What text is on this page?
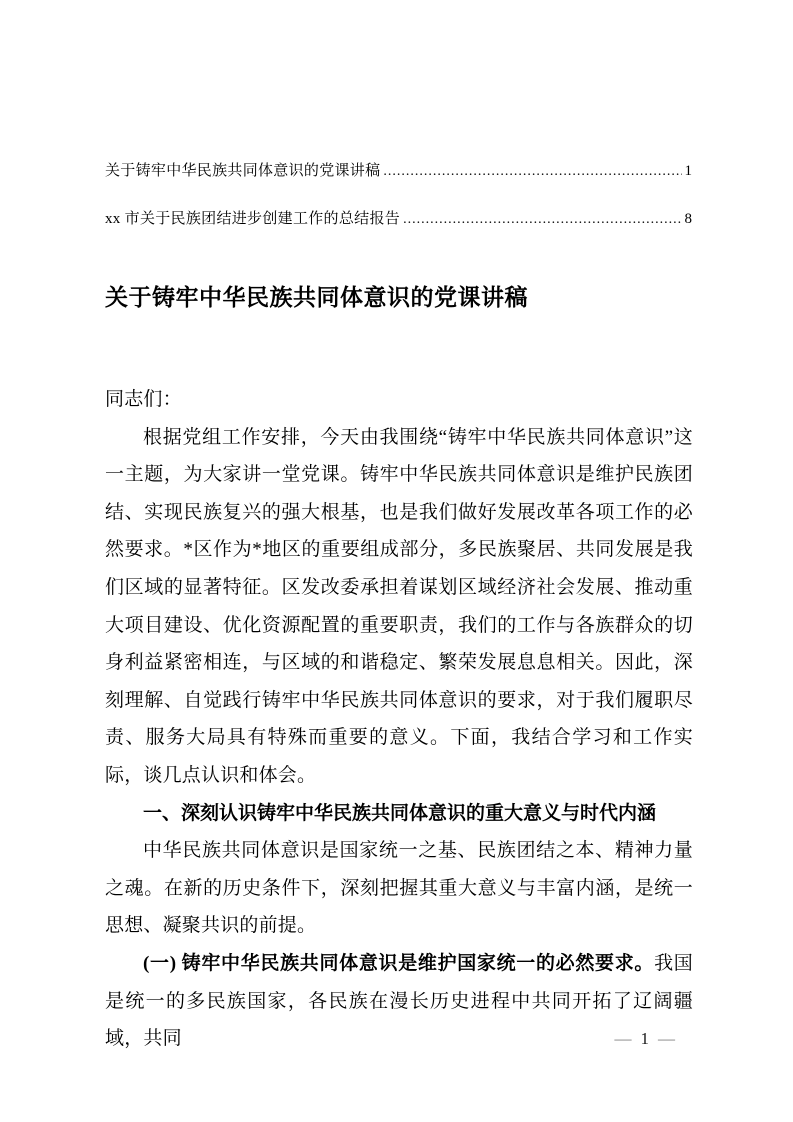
关于铸牢中华民族共同体意识的党课讲稿 .....	1
xx 市关于民族团结进步创建工作的总结报告 .....	8
关于铸牢中华民族共同体意识的党课讲稿

同志们：

根据党组工作安排，今天由我围绕“铸牢中华民族共同体意识”这一主题，为大家讲一堂党课。铸牢中华民族共同体意识是维护民族团结、实现民族复兴的强大根基，也是我们做好发展改革各项工作的必然要求。*区作为*地区的重要组成部分，多民族聚居、共同发展是我们区域的显著特征。区发改委承担着谋划区域经济社会发展、推动重大项目建设、优化资源配置的重要职责，我们的工作与各族群众的切身利益紧密相连，与区域的和谐稳定、繁荣发展息息相关。因此，深刻理解、自觉践行铸牢中华民族共同体意识的要求，对于我们履职尽责、服务大局具有特殊而重要的意义。下面，我结合学习和工作实际，谈几点认识和体会。

一、深刻认识铸牢中华民族共同体意识的重大意义与时代内涵

中华民族共同体意识是国家统一之基、民族团结之本、精神力量之魂。在新的历史条件下，深刻把握其重大意义与丰富内涵，是统一思想、凝聚共识的前提。

(一) 铸牢中华民族共同体意识是维护国家统一的必然要求。我国是统一的多民族国家，各民族在漫长历史进程中共同开拓了辽阔疆域，共同	— 1 —
